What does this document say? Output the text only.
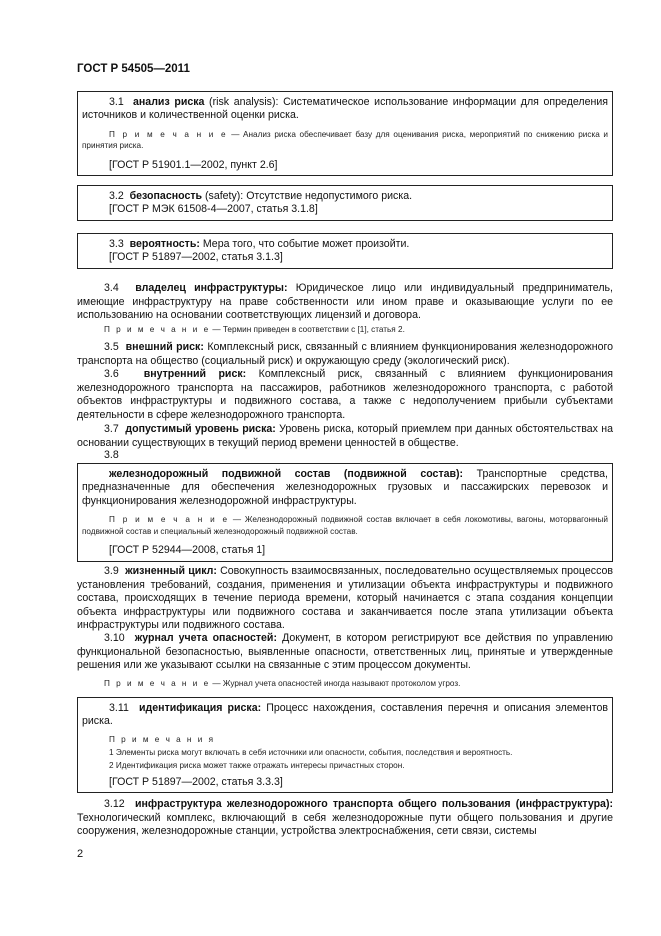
ГОСТ Р 54505—2011

3.1 анализ риска (risk analysis): Систематическое использование информации для определения источников и количественной оценки риска.

П р и м е ч а н и е — Анализ риска обеспечивает базу для оценивания риска, мероприятий по снижению риска и принятия риска.

[ГОСТ Р 51901.1—2002, пункт 2.6]

3.2 безопасность (safety): Отсутствие недопустимого риска.

[ГОСТ Р МЭК 61508-4—2007, статья 3.1.8]

3.3 вероятность: Мера того, что событие может произойти.

[ГОСТ Р 51897—2002, статья 3.1.3]

3.4 владелец инфраструктуры: Юридическое лицо или индивидуальный предприниматель, имеющие инфраструктуру на праве собственности или ином праве и оказывающие услуги по ее использованию на основании соответствующих лицензий и договора.

П р и м е ч а н и е — Термин приведен в соответствии с [1], статья 2.

3.5 внешний риск: Комплексный риск, связанный с влиянием функционирования железнодорожного транспорта на общество (социальный риск) и окружающую среду (экологический риск).

3.6 внутренний риск: Комплексный риск, связанный с влиянием функционирования железнодорожного транспорта на пассажиров, работников железнодорожного транспорта, с работой объектов инфраструктуры и подвижного состава, а также с недополучением прибыли субъектами деятельности в сфере железнодорожного транспорта.

3.7 допустимый уровень риска: Уровень риска, который приемлем при данных обстоятельствах на основании существующих в текущий период времени ценностей в обществе.

3.8

железнодорожный подвижной состав (подвижной состав): Транспортные средства, предназначенные для обеспечения железнодорожных грузовых и пассажирских перевозок и функционирования железнодорожной инфраструктуры.

П р и м е ч а н и е — Железнодорожный подвижной состав включает в себя локомотивы, вагоны, моторвагонный подвижной состав и специальный железнодорожный подвижной состав.

[ГОСТ Р 52944—2008, статья 1]

3.9 жизненный цикл: Совокупность взаимосвязанных, последовательно осуществляемых процессов установления требований, создания, применения и утилизации объекта инфраструктуры и подвижного состава, происходящих в течение периода времени, который начинается с этапа создания концепции объекта инфраструктуры или подвижного состава и заканчивается после этапа утилизации объекта инфраструктуры или подвижного состава.

3.10 журнал учета опасностей: Документ, в котором регистрируют все действия по управлению функциональной безопасностью, выявленные опасности, ответственных лиц, принятые и утвержденные решения или же указывают ссылки на связанные с этим процессом документы.

П р и м е ч а н и е — Журнал учета опасностей иногда называют протоколом угроз.

3.11 идентификация риска: Процесс нахождения, составления перечня и описания элементов риска.

П р и м е ч а н и я
1 Элементы риска могут включать в себя источники или опасности, события, последствия и вероятность.
2 Идентификация риска может также отражать интересы причастных сторон.

[ГОСТ Р 51897—2002, статья 3.3.3]

3.12 инфраструктура железнодорожного транспорта общего пользования (инфраструктура): Технологический комплекс, включающий в себя железнодорожные пути общего пользования и другие сооружения, железнодорожные станции, устройства электроснабжения, сети связи, системы

2
